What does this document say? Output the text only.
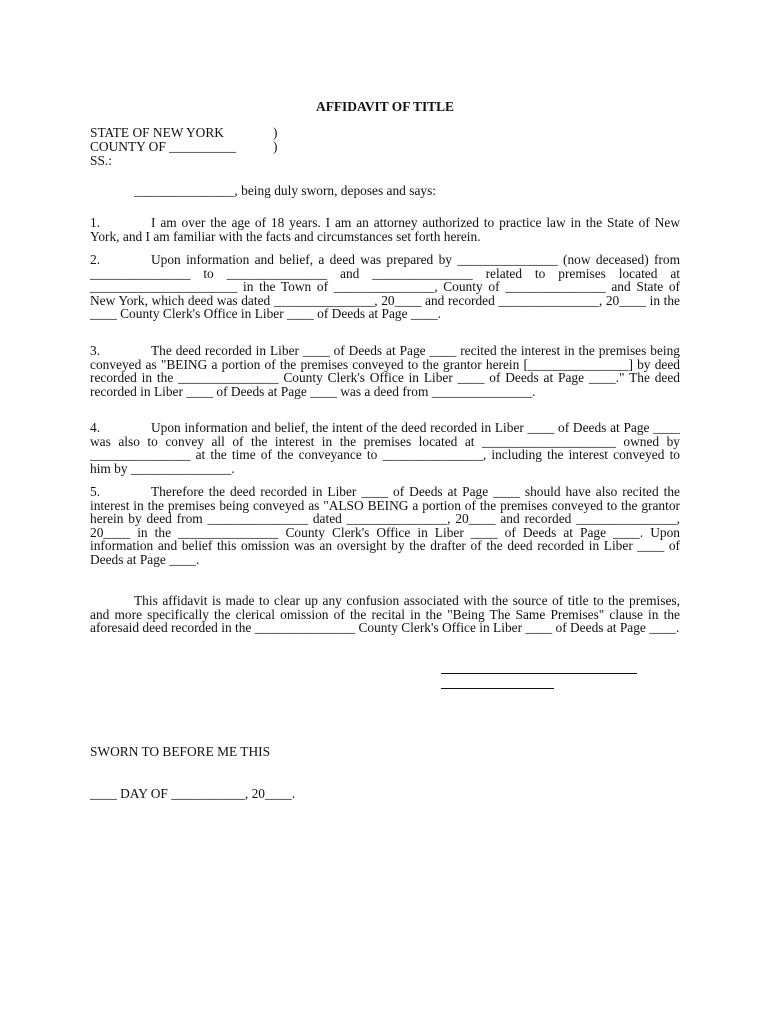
AFFIDAVIT OF TITLE
STATE OF NEW YORK	)
COUNTY OF __________	)
SS.:
_______________, being duly sworn, deposes and says:
1.	I am over the age of 18 years. I am an attorney authorized to practice law in the State of New York, and I am familiar with the facts and circumstances set forth herein.
2.	Upon information and belief, a deed was prepared by _______________ (now deceased) from _______________ to _______________ and _______________ related to premises located at ______________________ in the Town of _______________, County of _______________ and State of New York, which deed was dated _______________, 20____ and recorded _______________, 20____ in the ____ County Clerk's Office in Liber ____ of Deeds at Page ____.
3.	The deed recorded in Liber ____ of Deeds at Page ____ recited the interest in the premises being conveyed as "BEING a portion of the premises conveyed to the grantor herein [_______________] by deed recorded in the _______________ County Clerk's Office in Liber ____ of Deeds at Page ____." The deed recorded in Liber ____ of Deeds at Page ____ was a deed from _______________.
4.	Upon information and belief, the intent of the deed recorded in Liber ____ of Deeds at Page ____ was also to convey all of the interest in the premises located at ____________________ owned by _______________ at the time of the conveyance to _______________, including the interest conveyed to him by _______________.
5.	Therefore the deed recorded in Liber ____ of Deeds at Page ____ should have also recited the interest in the premises being conveyed as "ALSO BEING a portion of the premises conveyed to the grantor herein by deed from _______________ dated _______________, 20____ and recorded _______________, 20____ in the _______________ County Clerk's Office in Liber ____ of Deeds at Page ____. Upon information and belief this omission was an oversight by the drafter of the deed recorded in Liber ____ of Deeds at Page ____.
This affidavit is made to clear up any confusion associated with the source of title to the premises, and more specifically the clerical omission of the recital in the "Being The Same Premises" clause in the aforesaid deed recorded in the _______________ County Clerk's Office in Liber ____ of Deeds at Page ____.

SWORN TO BEFORE ME THIS

____ DAY OF ___________, 20____.
